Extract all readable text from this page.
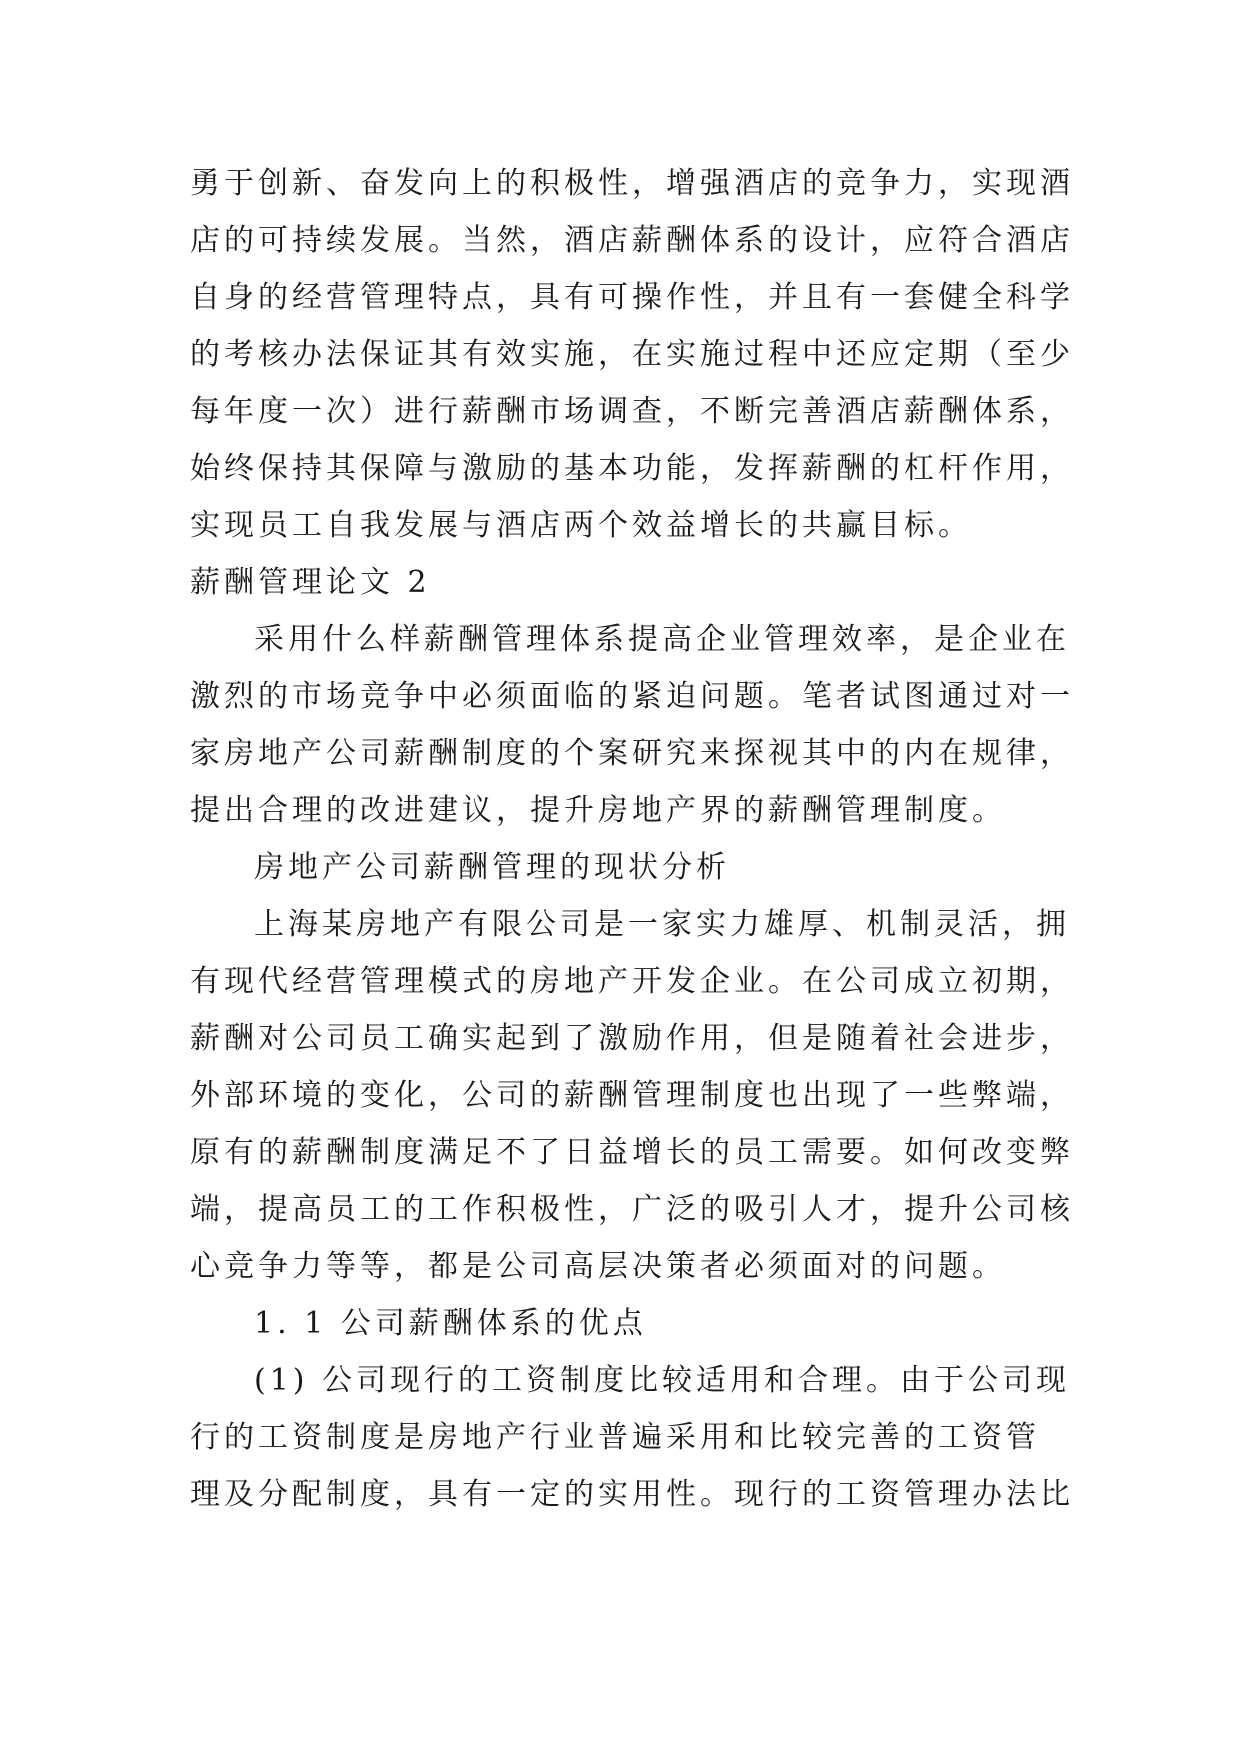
勇于创新、奋发向上的积极性，增强酒店的竞争力，实现酒
店的可持续发展。当然，酒店薪酬体系的设计，应符合酒店
自身的经营管理特点，具有可操作性，并且有一套健全科学
的考核办法保证其有效实施，在实施过程中还应定期（至少
每年度一次）进行薪酬市场调查，不断完善酒店薪酬体系，
始终保持其保障与激励的基本功能，发挥薪酬的杠杆作用，
实现员工自我发展与酒店两个效益增长的共赢目标。
薪酬管理论文 2
采用什么样薪酬管理体系提高企业管理效率，是企业在
激烈的市场竞争中必须面临的紧迫问题。笔者试图通过对一
家房地产公司薪酬制度的个案研究来探视其中的内在规律，
提出合理的改进建议，提升房地产界的薪酬管理制度。
房地产公司薪酬管理的现状分析
上海某房地产有限公司是一家实力雄厚、机制灵活，拥
有现代经营管理模式的房地产开发企业。在公司成立初期，
薪酬对公司员工确实起到了激励作用，但是随着社会进步，
外部环境的变化，公司的薪酬管理制度也出现了一些弊端，
原有的薪酬制度满足不了日益增长的员工需要。如何改变弊
端，提高员工的工作积极性，广泛的吸引人才，提升公司核
心竞争力等等，都是公司高层决策者必须面对的问题。
1. 1 公司薪酬体系的优点
(1) 公司现行的工资制度比较适用和合理。由于公司现
行的工资制度是房地产行业普遍采用和比较完善的工资管
理及分配制度，具有一定的实用性。现行的工资管理办法比
